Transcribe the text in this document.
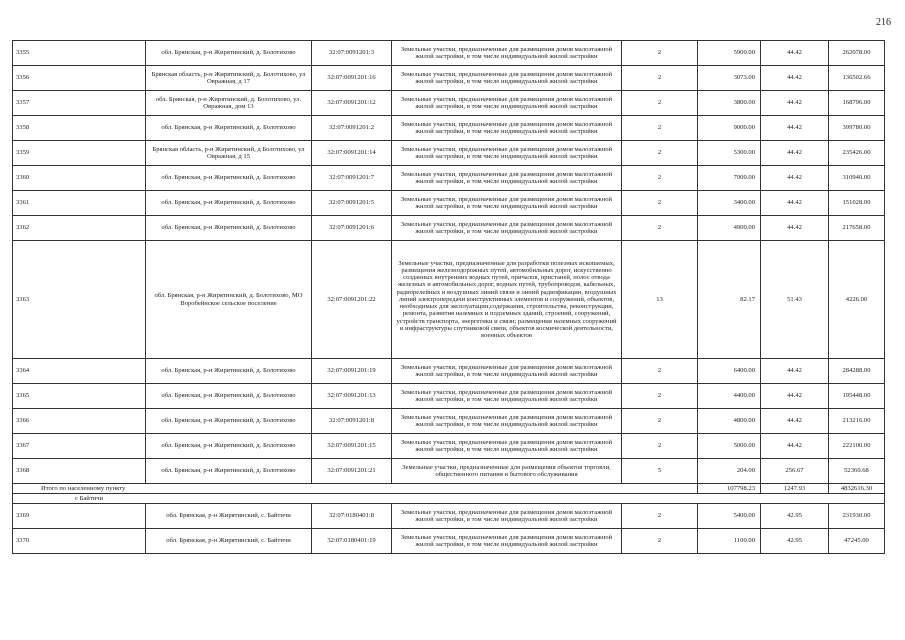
216
3355	обл. Брянская, р-н Жирятинский, д. Болотихово	32:07:0091201:3	Земельные участки, предназначенные для размещения домов малоэтажной жилой застройки, в том числе индивидуальной жилой застройки	2	5900.00	44.42	262078.00
3356	Брянская область, р-н Жирятинский, д. Болотихово, ул Овражная, д 17	32:07:0091201:16	Земельные участки, предназначенные для размещения домов малоэтажной жилой застройки, в том числе индивидуальной жилой застройки	2	3073.00	44.42	136502.66
3357	обл. Брянская, р-н Жирятинский, д. Болотихово, ул. Овражная, дом 13	32:07:0091201:12	Земельные участки, предназначенные для размещения домов малоэтажной жилой застройки, в том числе индивидуальной жилой застройки	2	3800.00	44.42	168796.00
3358	обл. Брянская, р-н Жирятинский, д. Болотихово	32:07:0091201:2	Земельные участки, предназначенные для размещения домов малоэтажной жилой застройки, в том числе индивидуальной жилой застройки	2	9000.00	44.42	399780.00
3359	Брянская область, р-н Жирятинский, д Болотихово, ул Овражная, д 15	32:07:0091201:14	Земельные участки, предназначенные для размещения домов малоэтажной жилой застройки, в том числе индивидуальной жилой застройки	2	5300.00	44.42	235426.00
3360	обл. Брянская, р-н Жирятинский, д. Болотихово	32:07:0091201:7	Земельные участки, предназначенные для размещения домов малоэтажной жилой застройки, в том числе индивидуальной жилой застройки	2	7000.00	44.42	310940.00
3361	обл. Брянская, р-н Жирятинский, д. Болотихово	32:07:0091201:5	Земельные участки, предназначенные для размещения домов малоэтажной жилой застройки, в том числе индивидуальной жилой застройки	2	3400.00	44.42	151028.00
3362	обл. Брянская, р-н Жирятинский, д. Болотихово	32:07:0091201:6	Земельные участки, предназначенные для размещения домов малоэтажной жилой застройки, в том числе индивидуальной жилой застройки	2	4900.00	44.42	217658.00
3363	обл. Брянская, р-н Жирятинский, д. Болотихово, МО Воробейнское сельское поселение	32:07:0091201:22	Земельные участки, предназначенные для разработки полезных ископаемых, размещения железнодорожных путей, автомобильных дорог, искусственно созданных внутренних водных путей, причалов, пристаней, полос отвода железных и автомобильных дорог, водных путей, трубопроводов, кабельных, радиорелейных и воздушных линий связи и линий радиофикации, воздушных линий электропередачи конструктивных элементов и сооружений, объектов, необходимых для эксплуатации,содержания, строительства, реконструкции, ремонта, развития наземных и подземных зданий, строений, сооружений, устройств транспорта, энергетики и связи; размещения наземных сооружений и инфраструктуры спутниковой связи, объектов космической деятельности, военных объектов	13	82.17	51.43	4226.00
3364	обл. Брянская, р-н Жирятинский, д. Болотихово	32:07:0091201:19	Земельные участки, предназначенные для размещения домов малоэтажной жилой застройки, в том числе индивидуальной жилой застройки	2	6400.00	44.42	284288.00
3365	обл. Брянская, р-н Жирятинский, д. Болотихово	32:07:0091201:13	Земельные участки, предназначенные для размещения домов малоэтажной жилой застройки, в том числе индивидуальной жилой застройки	2	4400.00	44.42	195448.00
3366	обл. Брянская, р-н Жирятинский, д. Болотихово	32:07:0091201:8	Земельные участки, предназначенные для размещения домов малоэтажной жилой застройки, в том числе индивидуальной жилой застройки	2	4800.00	44.42	213216.00
3367	обл. Брянская, р-н Жирятинский, д. Болотихово	32:07:0091201:15	Земельные участки, предназначенные для размещения домов малоэтажной жилой застройки, в том числе индивидуальной жилой застройки	2	5000.00	44.42	222100.00
3368	обл. Брянская, р-н Жирятинский, д. Болотихово	32:07:0091201:21	Земельные участки, предназначенные для размещения объектов торговли, общественного питания и бытового обслуживания	5	204.00	256.67	52360.68
Итого по населенному пункту					107798.23	1247.93	4832616.30
с Байтичи							
3369	обл. Брянская, р-н Жирятинский, с. Байтичи	32:07:0180401:8	Земельные участки, предназначенные для размещения домов малоэтажной жилой застройки, в том числе индивидуальной жилой застройки	2	5400.00	42.95	231930.00
3370	обл. Брянская, р-н Жирятинский, с. Байтичи	32:07:0180401:19	Земельные участки, предназначенные для размещения домов малоэтажной жилой застройки, в том числе индивидуальной жилой застройки	2	1100.00	42.95	47245.00
